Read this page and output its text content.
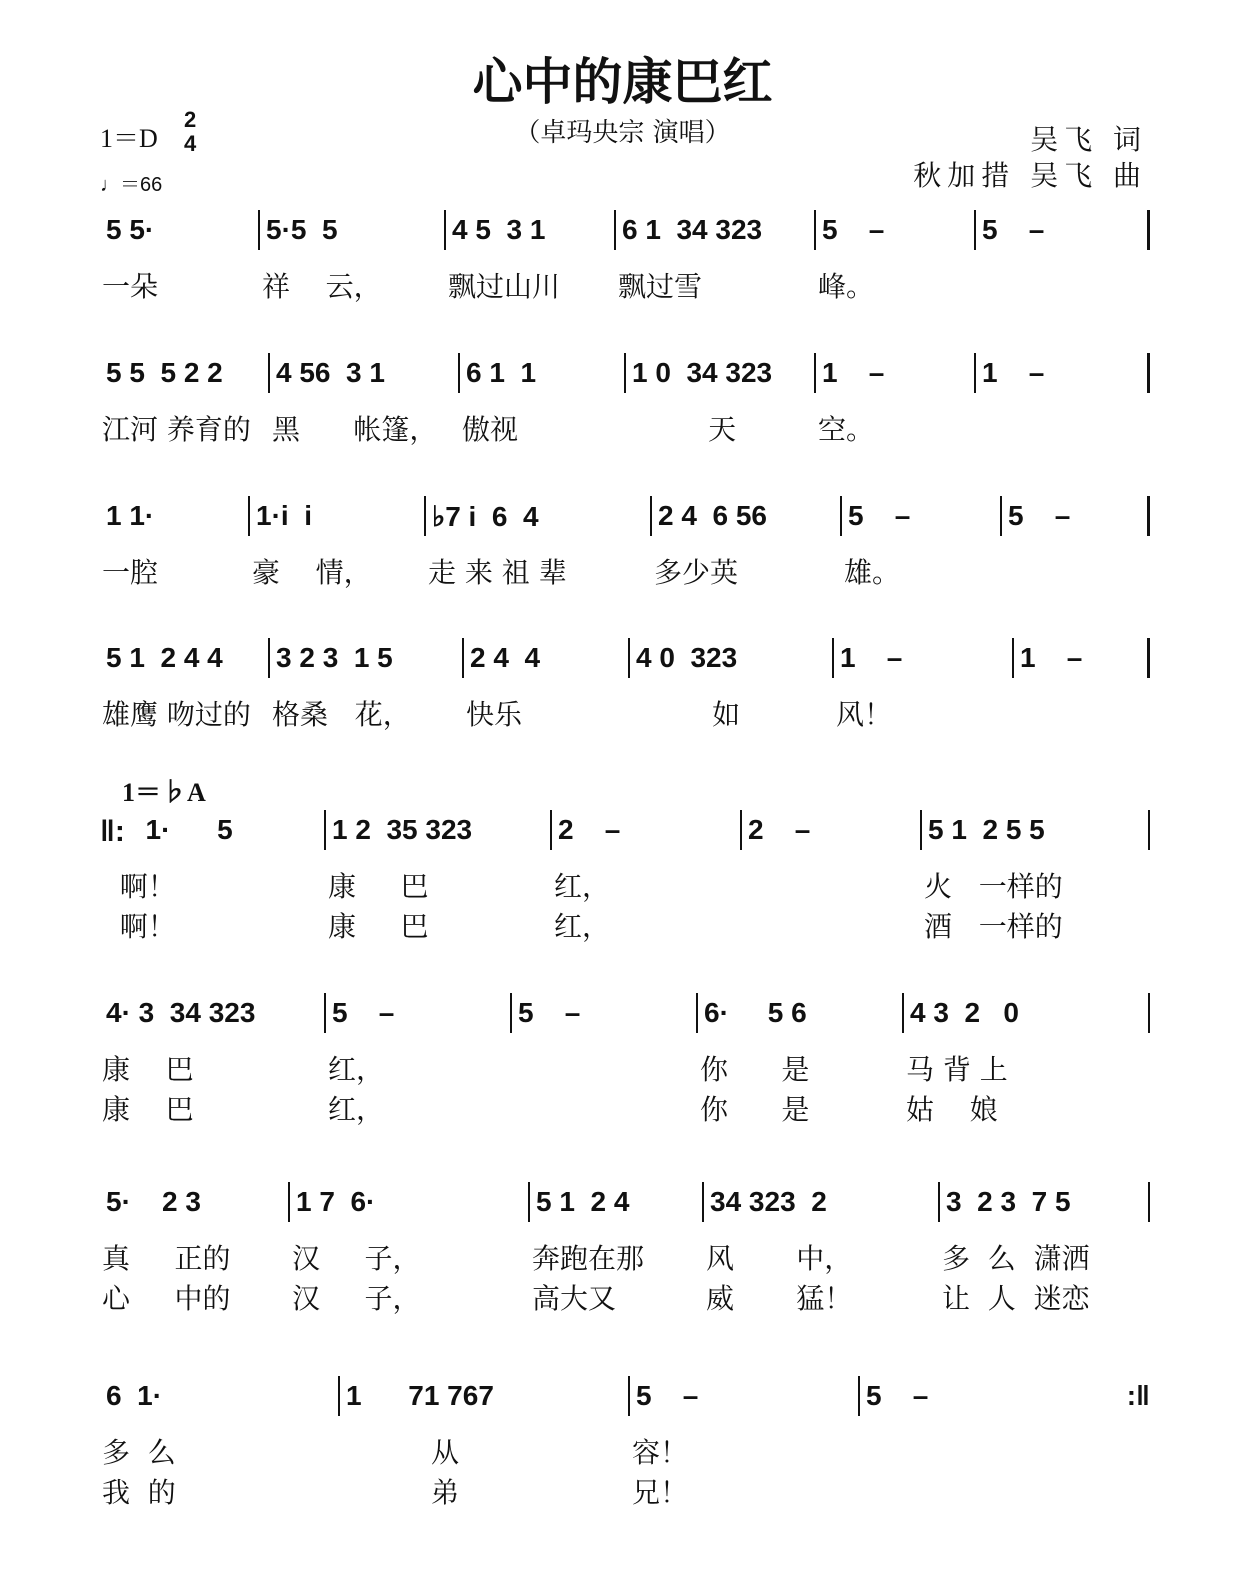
心中的康巴红
（卓玛央宗 演唱）
1＝D
2
4
♩＝66
吴飞 词
秋加措 吴飞 曲
1＝♭A
5 5·	5·5  5	4 5  3 1	6 1  34 323 5    –	5    –
一朵	祥    云，	飘过山川	飘过雪	峰。
5 5  5 2 2 4 56  3 1	6 1  1	1 0  34 323 1    –	1    –
江河 养育的 黑      帐篷， 傲视	天	空。
1 1·	1·i  i	♭7 i  6  4	2 4  6 56	5    –	5    –
一腔	豪    情，	走 来 祖 辈	多少英	雄。
5 1  2 4 4 3 2 3  1 5	2 4  4	4 0  323	1    –	1    –
雄鹰 吻过的 格桑   花，	快乐	如	风！
1·      5	1 2  35 323	2    –	2    –	5 1  2 5 5
啊！	康     巴	红，	火   一样的
啊！	康     巴	红，	酒   一样的
4· 3  34 323	5    –	5    –	6·     5 6	4 3  2   0
康    巴	红，	你      是	马 背 上
康    巴	红，	你      是	姑    娘
5·    2 3	1 7  6·	5 1  2 4	34 323  2	3  2 3  7 5
真     正的	汉     子，	奔跑在那	风       中，	多  么  潇洒
心     中的	汉     子，	高大又	威       猛！	让  人  迷恋
6  1·	1      71 767	5    –	5    –	:‖
多  么	从	容！
我  的	弟	兄！
‖:
